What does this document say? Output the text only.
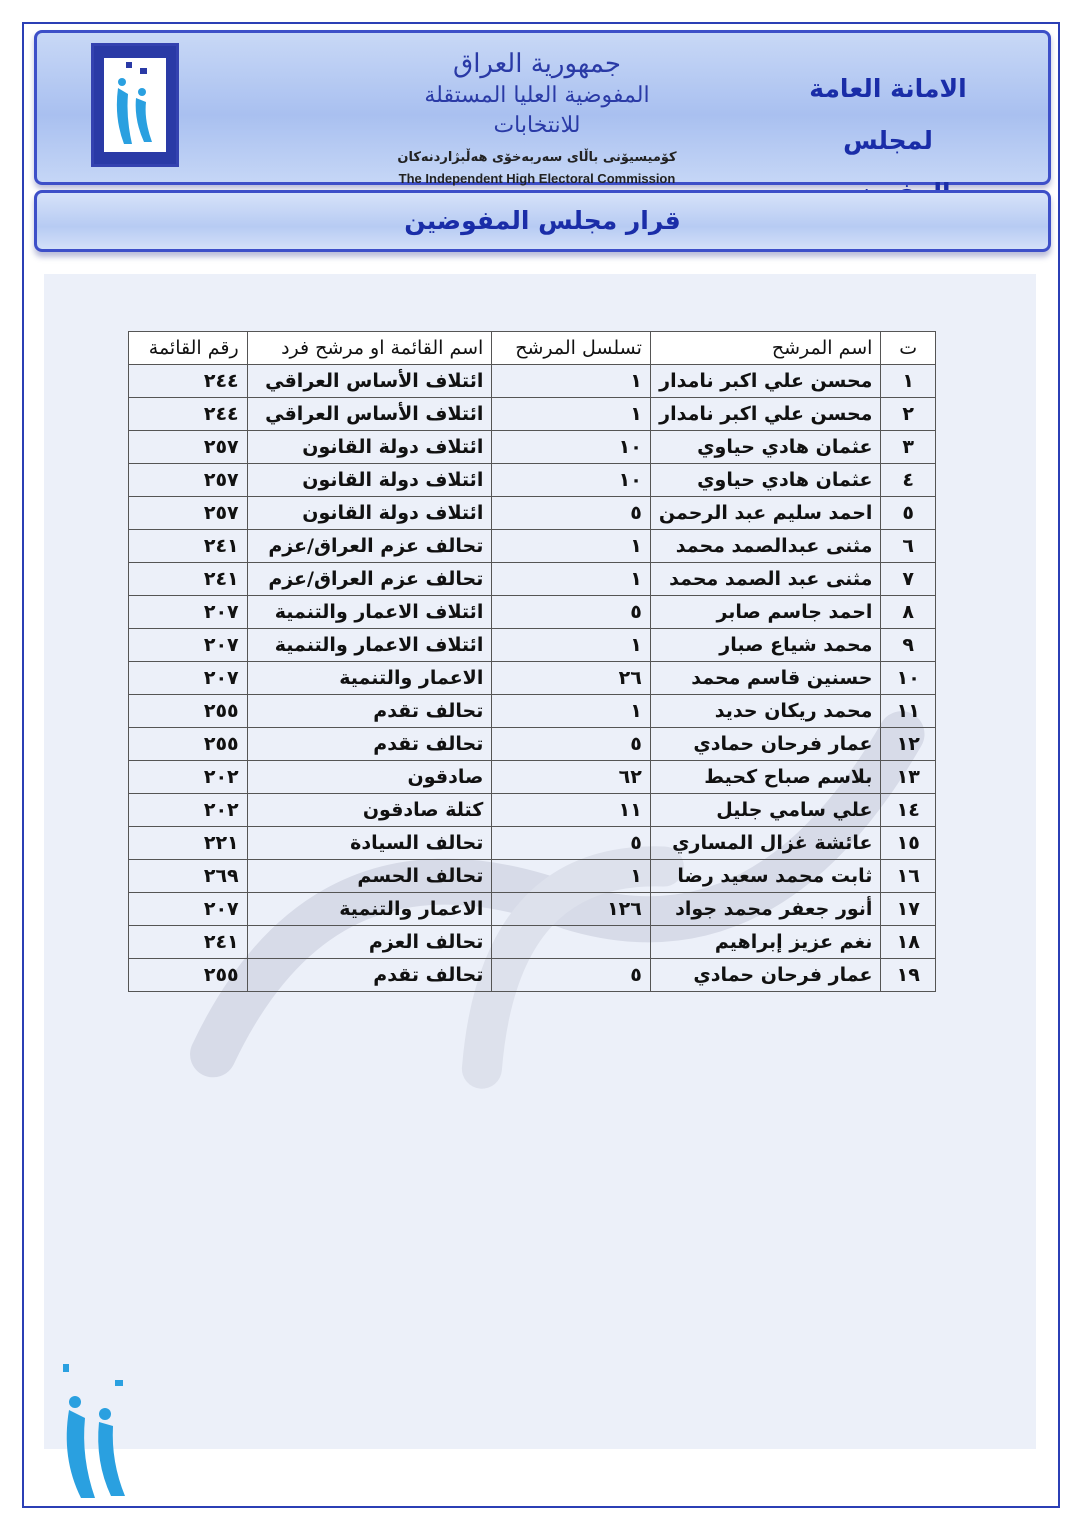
جمهورية العراق
المفوضية العليا المستقلة للانتخابات
كۆمیسیۆنی باڵای سەربەخۆی هەڵبژاردنەكان
The Independent High Electoral Commission
الامانة العامة
لمجلس
قرار مجلس المفوضين
ت	اسم المرشح	تسلسل المرشح	اسم القائمة او مرشح فرد	رقم القائمة
١	محسن علي اكبر نامدار	١	ائتلاف الأساس العراقي	٢٤٤
٢	محسن علي اكبر نامدار	١	ائتلاف الأساس العراقي	٢٤٤
٣	عثمان هادي حياوي	١٠	ائتلاف دولة القانون	٢٥٧
٤	عثمان هادي حياوي	١٠	ائتلاف دولة القانون	٢٥٧
٥	احمد سليم عبد الرحمن	٥	ائتلاف دولة القانون	٢٥٧
٦	مثنى عبدالصمد محمد	١	تحالف عزم العراق/عزم	٢٤١
٧	مثنى عبد الصمد محمد	١	تحالف عزم العراق/عزم	٢٤١
٨	احمد جاسم صابر	٥	ائتلاف الاعمار والتنمية	٢٠٧
٩	محمد شياع صبار	١	ائتلاف الاعمار والتنمية	٢٠٧
١٠	حسنين قاسم محمد	٢٦	الاعمار والتنمية	٢٠٧
١١	محمد ريكان حديد	١	تحالف تقدم	٢٥٥
١٢	عمار فرحان حمادي	٥	تحالف تقدم	٢٥٥
١٣	بلاسم صباح كحيط	٦٢	صادقون	٢٠٢
١٤	علي سامي جليل	١١	كتلة صادقون	٢٠٢
١٥	عائشة غزال المساري	٥	تحالف السيادة	٢٢١
١٦	ثابت محمد سعيد رضا	١	تحالف الحسم	٢٦٩
١٧	أنور جعفر محمد جواد	١٢٦	الاعمار والتنمية	٢٠٧
١٨	نغم عزيز إبراهيم		تحالف العزم	٢٤١
١٩	عمار فرحان حمادي	٥	تحالف تقدم	٢٥٥
